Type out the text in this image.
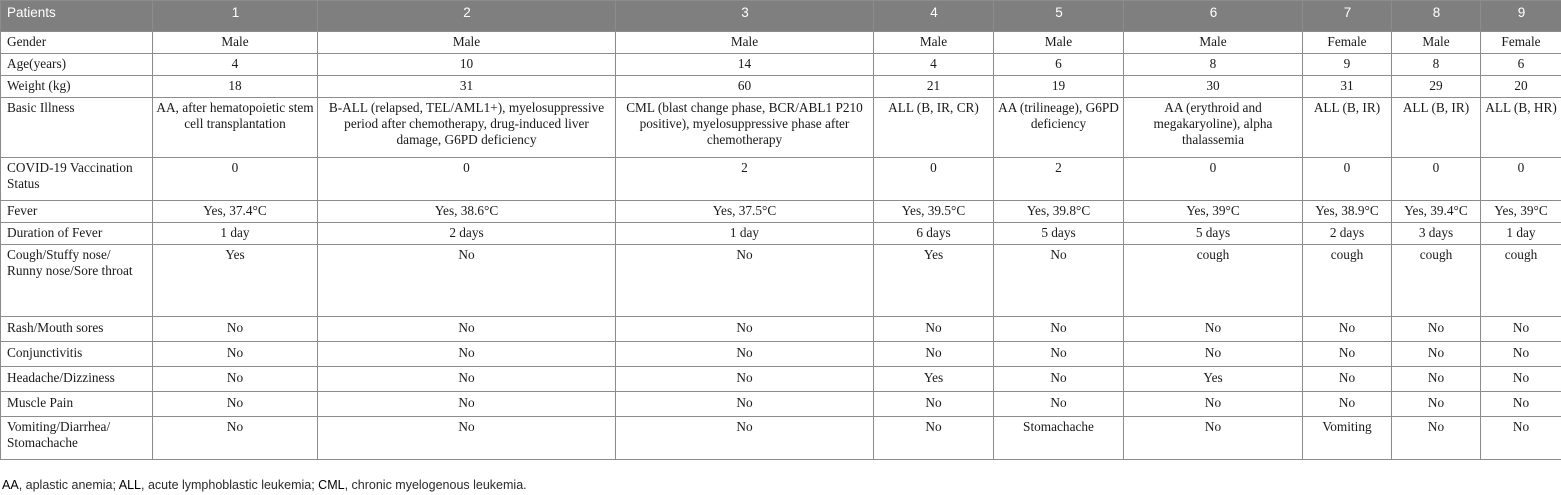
Patients	1	2	3	4	5	6	7	8	9
Gender	Male	Male	Male	Male	Male	Male	Female	Male	Female
Age(years)	4	10	14	4	6	8	9	8	6
Weight (kg)	18	31	60	21	19	30	31	29	20
Basic Illness	AA, after hematopoietic stem cell transplantation	B-ALL (relapsed, TEL/AML1+), myelosuppressive period after chemotherapy, drug-induced liver damage, G6PD deficiency	CML (blast change phase, BCR/ABL1 P210 positive), myelosuppressive phase after chemotherapy	ALL (B, IR, CR)	AA (trilineage), G6PD deficiency	AA (erythroid and megakaryoline), alpha thalassemia	ALL (B, IR)	ALL (B, IR)	ALL (B, HR)
COVID-19 Vaccination Status	0	0	2	0	2	0	0	0	0
Fever	Yes, 37.4°C	Yes, 38.6°C	Yes, 37.5°C	Yes, 39.5°C	Yes, 39.8°C	Yes, 39°C	Yes, 38.9°C	Yes, 39.4°C	Yes, 39°C
Duration of Fever	1 day	2 days	1 day	6 days	5 days	5 days	2 days	3 days	1 day
Cough/Stuffy nose/ Runny nose/Sore throat	Yes	No	No	Yes	No	cough	cough	cough	cough
Rash/Mouth sores	No	No	No	No	No	No	No	No	No
Conjunctivitis	No	No	No	No	No	No	No	No	No
Headache/Dizziness	No	No	No	Yes	No	Yes	No	No	No
Muscle Pain	No	No	No	No	No	No	No	No	No
Vomiting/Diarrhea/ Stomachache	No	No	No	No	Stomachache	No	Vomiting	No	No
AA, aplastic anemia; ALL, acute lymphoblastic leukemia; CML, chronic myelogenous leukemia.
